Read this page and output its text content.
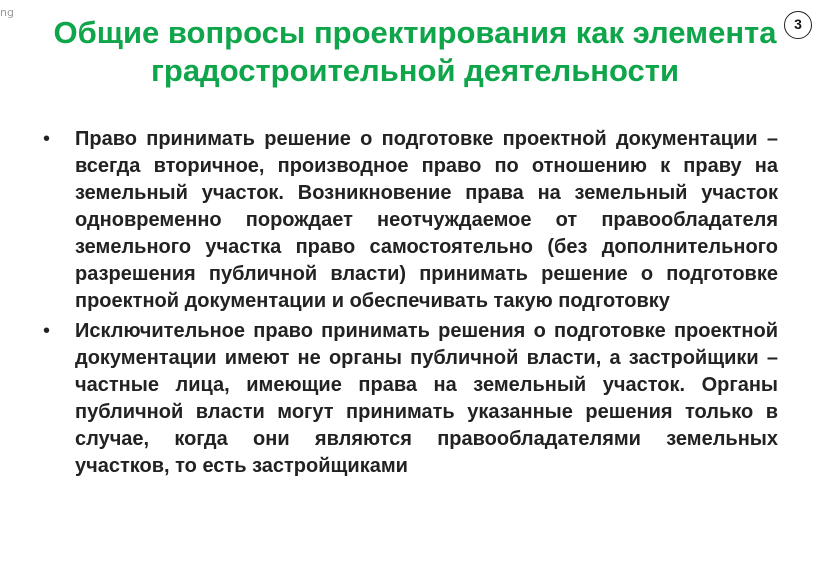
ng
3
Общие вопросы проектирования как элемента градостроительной деятельности
• Право принимать решение о подготовке проектной документации – всегда вторичное, производное право по отношению к праву на земельный участок. Возникновение права на земельный участок одновременно порождает неотчуждаемое от правообладателя земельного участка право самостоятельно (без дополнительного разрешения публичной власти) принимать решение о подготовке проектной документации и обеспечивать такую подготовку
• Исключительное право принимать решения о подготовке проектной документации имеют не органы публичной власти, а застройщики – частные лица, имеющие права на земельный участок. Органы публичной власти могут принимать указанные решения только в случае, когда они являются правообладателями земельных участков, то есть застройщиками
